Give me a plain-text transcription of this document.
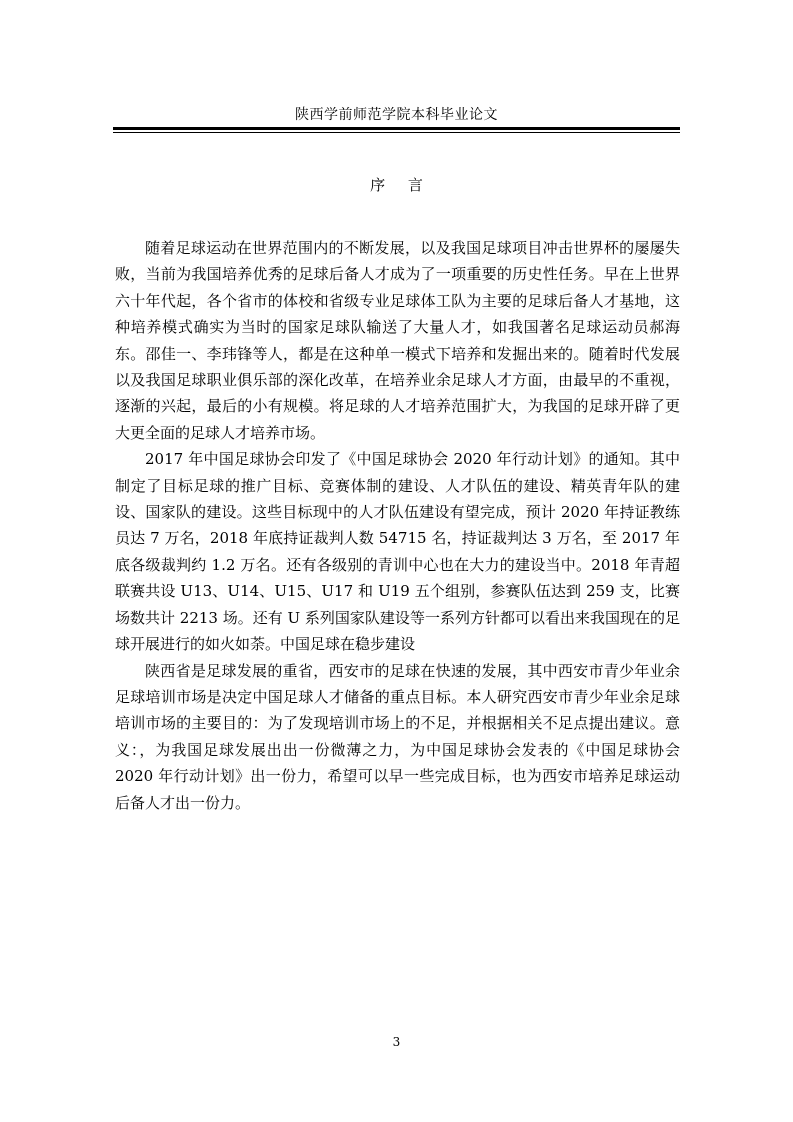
陕西学前师范学院本科毕业论文
序 言

随着足球运动在世界范围内的不断发展，以及我国足球项目冲击世界杯的屡屡失败，当前为我国培养优秀的足球后备人才成为了一项重要的历史性任务。早在上世界六十年代起，各个省市的体校和省级专业足球体工队为主要的足球后备人才基地，这种培养模式确实为当时的国家足球队输送了大量人才，如我国著名足球运动员郝海东。邵佳一、李玮锋等人，都是在这种单一模式下培养和发掘出来的。随着时代发展以及我国足球职业俱乐部的深化改革，在培养业余足球人才方面，由最早的不重视，逐渐的兴起，最后的小有规模。将足球的人才培养范围扩大，为我国的足球开辟了更大更全面的足球人才培养市场。

2017 年中国足球协会印发了《中国足球协会 2020 年行动计划》的通知。其中制定了目标足球的推广目标、竞赛体制的建设、人才队伍的建设、精英青年队的建设、国家队的建设。这些目标现中的人才队伍建设有望完成，预计 2020 年持证教练员达 7 万名，2018 年底持证裁判人数 54715 名，持证裁判达 3 万名，至 2017 年底各级裁判约 1.2 万名。还有各级别的青训中心也在大力的建设当中。2018 年青超联赛共设 U13、U14、U15、U17 和 U19 五个组别，参赛队伍达到 259 支，比赛场数共计 2213 场。还有 U 系列国家队建设等一系列方针都可以看出来我国现在的足球开展进行的如火如荼。中国足球在稳步建设

陕西省是足球发展的重省，西安市的足球在快速的发展，其中西安市青少年业余足球培训市场是决定中国足球人才储备的重点目标。本人研究西安市青少年业余足球培训市场的主要目的：为了发现培训市场上的不足，并根据相关不足点提出建议。意义：，为我国足球发展出出一份微薄之力，为中国足球协会发表的《中国足球协会 2020 年行动计划》出一份力，希望可以早一些完成目标，也为西安市培养足球运动后备人才出一份力。

3
